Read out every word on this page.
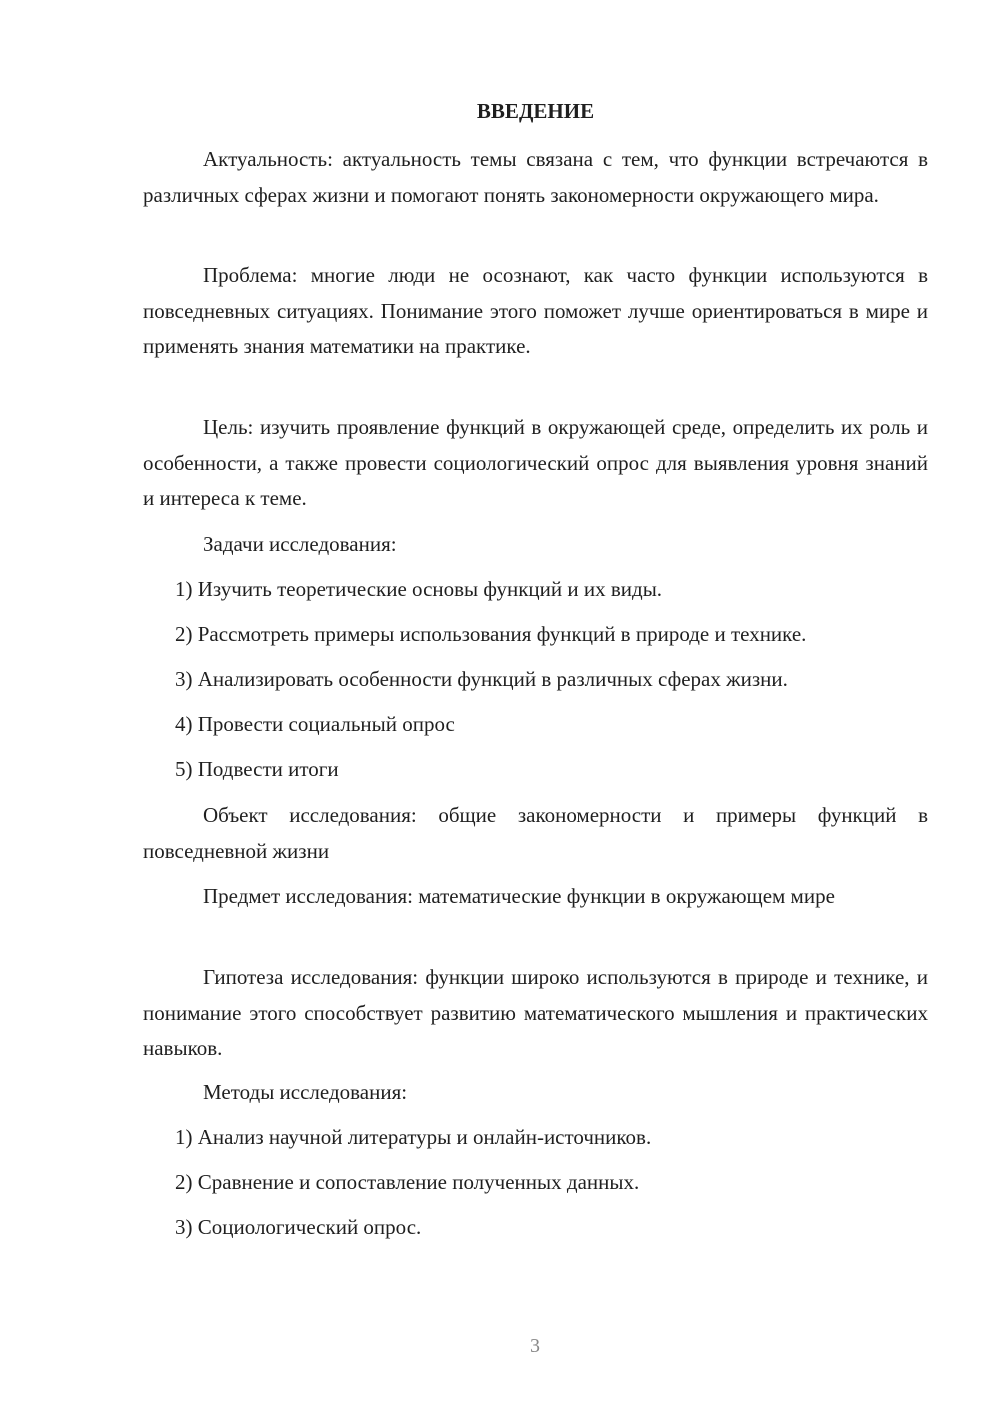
ВВЕДЕНИЕ

Актуальность: актуальность темы связана с тем, что функции встречаются в различных сферах жизни и помогают понять закономерности окружающего мира.

Проблема: многие люди не осознают, как часто функции используются в повседневных ситуациях. Понимание этого поможет лучше ориентироваться в мире и применять знания математики на практике.

Цель: изучить проявление функций в окружающей среде, определить их роль и особенности, а также провести социологический опрос для выявления уровня знаний и интереса к теме.

Задачи исследования:

1) Изучить теоретические основы функций и их виды.

2) Рассмотреть примеры использования функций в природе и технике.

3) Анализировать особенности функций в различных сферах жизни.

4) Провести социальный опрос

5) Подвести итоги

Объект исследования: общие закономерности и примеры функций в повседневной жизни

Предмет исследования: математические функции в окружающем мире

Гипотеза исследования: функции широко используются в природе и технике, и понимание этого способствует развитию математического мышления и практических навыков.

Методы исследования:

1) Анализ научной литературы и онлайн-источников.

2) Сравнение и сопоставление полученных данных.

3) Социологический опрос.

3
